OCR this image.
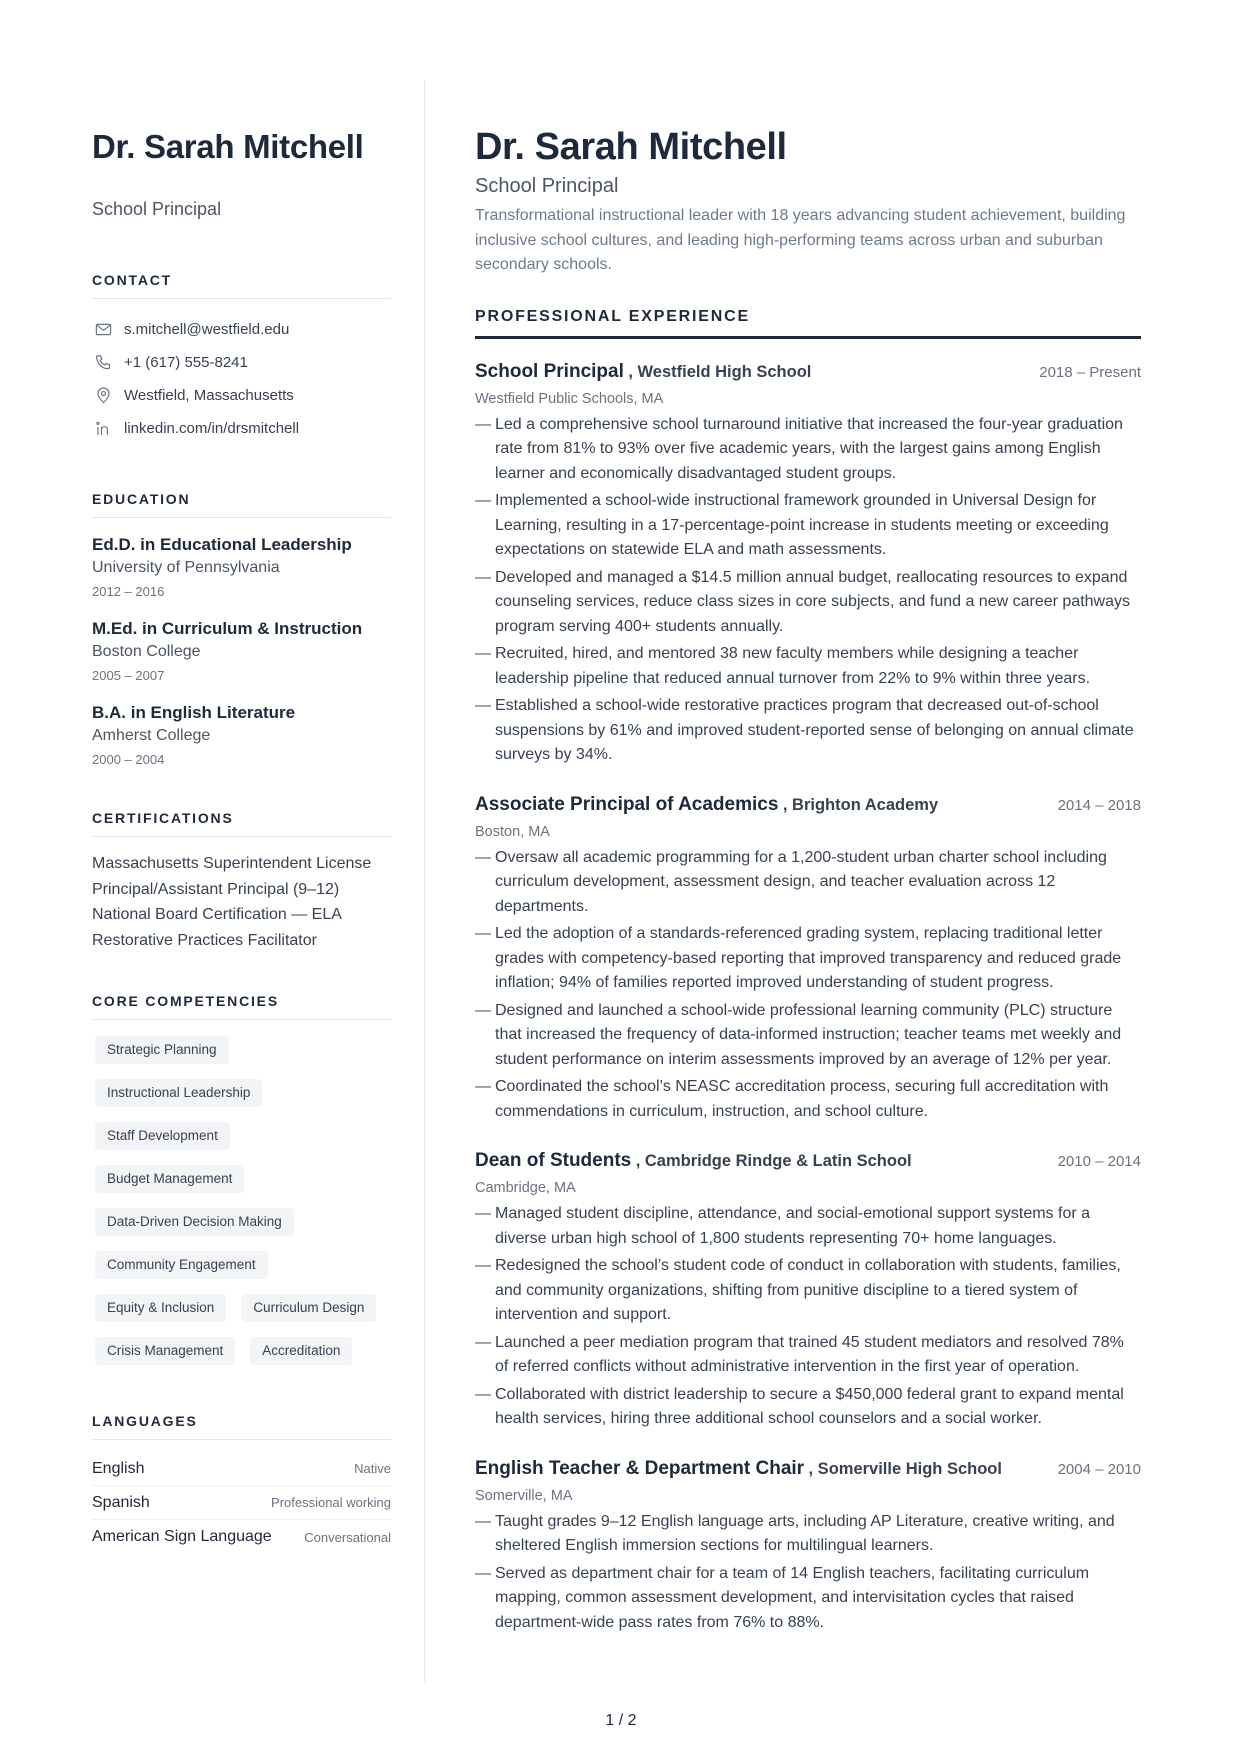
Dr. Sarah Mitchell
School Principal
CONTACT
s.mitchell@westfield.edu
+1 (617) 555-8241
Westfield, Massachusetts
linkedin.com/in/drsmitchell
EDUCATION
Ed.D. in Educational Leadership
University of Pennsylvania
2012 – 2016
M.Ed. in Curriculum & Instruction
Boston College
2005 – 2007
B.A. in English Literature
Amherst College
2000 – 2004
CERTIFICATIONS
Massachusetts Superintendent License
Principal/Assistant Principal (9–12)
National Board Certification — ELA
Restorative Practices Facilitator
CORE COMPETENCIES
Strategic Planning
Instructional Leadership
Staff Development
Budget Management
Data-Driven Decision Making
Community Engagement
Equity & Inclusion	Curriculum Design
Crisis Management	Accreditation
LANGUAGES
English	Native
Spanish	Professional working
American Sign Language	Conversational
Dr. Sarah Mitchell
School Principal
Transformational instructional leader with 18 years advancing student achievement, building inclusive school cultures, and leading high-performing teams across urban and suburban secondary schools.
PROFESSIONAL EXPERIENCE
School Principal , Westfield High School	2018 – Present
Westfield Public Schools, MA
— Led a comprehensive school turnaround initiative that increased the four-year graduation rate from 81% to 93% over five academic years, with the largest gains among English learner and economically disadvantaged student groups.
— Implemented a school-wide instructional framework grounded in Universal Design for Learning, resulting in a 17-percentage-point increase in students meeting or exceeding expectations on statewide ELA and math assessments.
— Developed and managed a $14.5 million annual budget, reallocating resources to expand counseling services, reduce class sizes in core subjects, and fund a new career pathways program serving 400+ students annually.
— Recruited, hired, and mentored 38 new faculty members while designing a teacher leadership pipeline that reduced annual turnover from 22% to 9% within three years.
— Established a school-wide restorative practices program that decreased out-of-school suspensions by 61% and improved student-reported sense of belonging on annual climate surveys by 34%.
Associate Principal of Academics , Brighton Academy	2014 – 2018
Boston, MA
— Oversaw all academic programming for a 1,200-student urban charter school including curriculum development, assessment design, and teacher evaluation across 12 departments.
— Led the adoption of a standards-referenced grading system, replacing traditional letter grades with competency-based reporting that improved transparency and reduced grade inflation; 94% of families reported improved understanding of student progress.
— Designed and launched a school-wide professional learning community (PLC) structure that increased the frequency of data-informed instruction; teacher teams met weekly and student performance on interim assessments improved by an average of 12% per year.
— Coordinated the school’s NEASC accreditation process, securing full accreditation with commendations in curriculum, instruction, and school culture.
Dean of Students , Cambridge Rindge & Latin School	2010 – 2014
Cambridge, MA
— Managed student discipline, attendance, and social-emotional support systems for a diverse urban high school of 1,800 students representing 70+ home languages.
— Redesigned the school’s student code of conduct in collaboration with students, families, and community organizations, shifting from punitive discipline to a tiered system of intervention and support.
— Launched a peer mediation program that trained 45 student mediators and resolved 78% of referred conflicts without administrative intervention in the first year of operation.
— Collaborated with district leadership to secure a $450,000 federal grant to expand mental health services, hiring three additional school counselors and a social worker.
English Teacher & Department Chair , Somerville High School	2004 – 2010
Somerville, MA
— Taught grades 9–12 English language arts, including AP Literature, creative writing, and sheltered English immersion sections for multilingual learners.
— Served as department chair for a team of 14 English teachers, facilitating curriculum mapping, common assessment development, and intervisitation cycles that raised department-wide pass rates from 76% to 88%.
1 / 2
